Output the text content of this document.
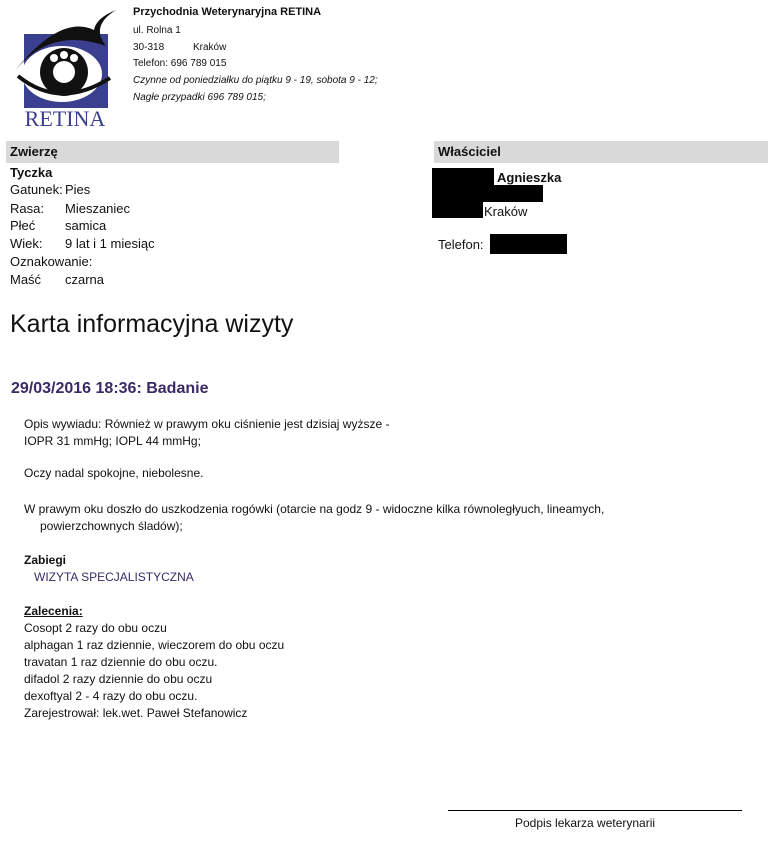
RETINA
Przychodnia Weterynaryjna RETINA
ul. Rolna 1
30-318	Kraków
Telefon: 696 789 015
Czynne od poniedziałku do piątku 9 - 19, sobota 9 - 12;
Nagłe przypadki 696 789 015;
Zwierzę	Właściciel
Tyczka
Gatunek: Pies
Rasa: Mieszaniec
Płeć samica
Wiek: 9 lat i 1 miesiąc
Oznakowanie:
Maść czarna
Agnieszka
Kraków
Telefon:
Karta informacyjna wizyty
29/03/2016 18:36: Badanie
Opis wywiadu: Również w prawym oku ciśnienie jest dzisiaj wyższe -
IOPR 31 mmHg; IOPL 44 mmHg;
Oczy nadal spokojne, niebolesne.
W prawym oku doszło do uszkodzenia rogówki (otarcie na godz 9 - widoczne kilka równoległyuch, lineamych,
powierzchownych śladów);
Zabiegi
WIZYTA SPECJALISTYCZNA
Zalecenia:
Cosopt 2 razy do obu oczu
alphagan 1 raz dziennie, wieczorem do obu oczu
travatan 1 raz dziennie do obu oczu.
difadol 2 razy dziennie do obu oczu
dexoftyal 2 - 4 razy do obu oczu.
Zarejestrował: lek.wet. Paweł Stefanowicz
Podpis lekarza weterynarii
